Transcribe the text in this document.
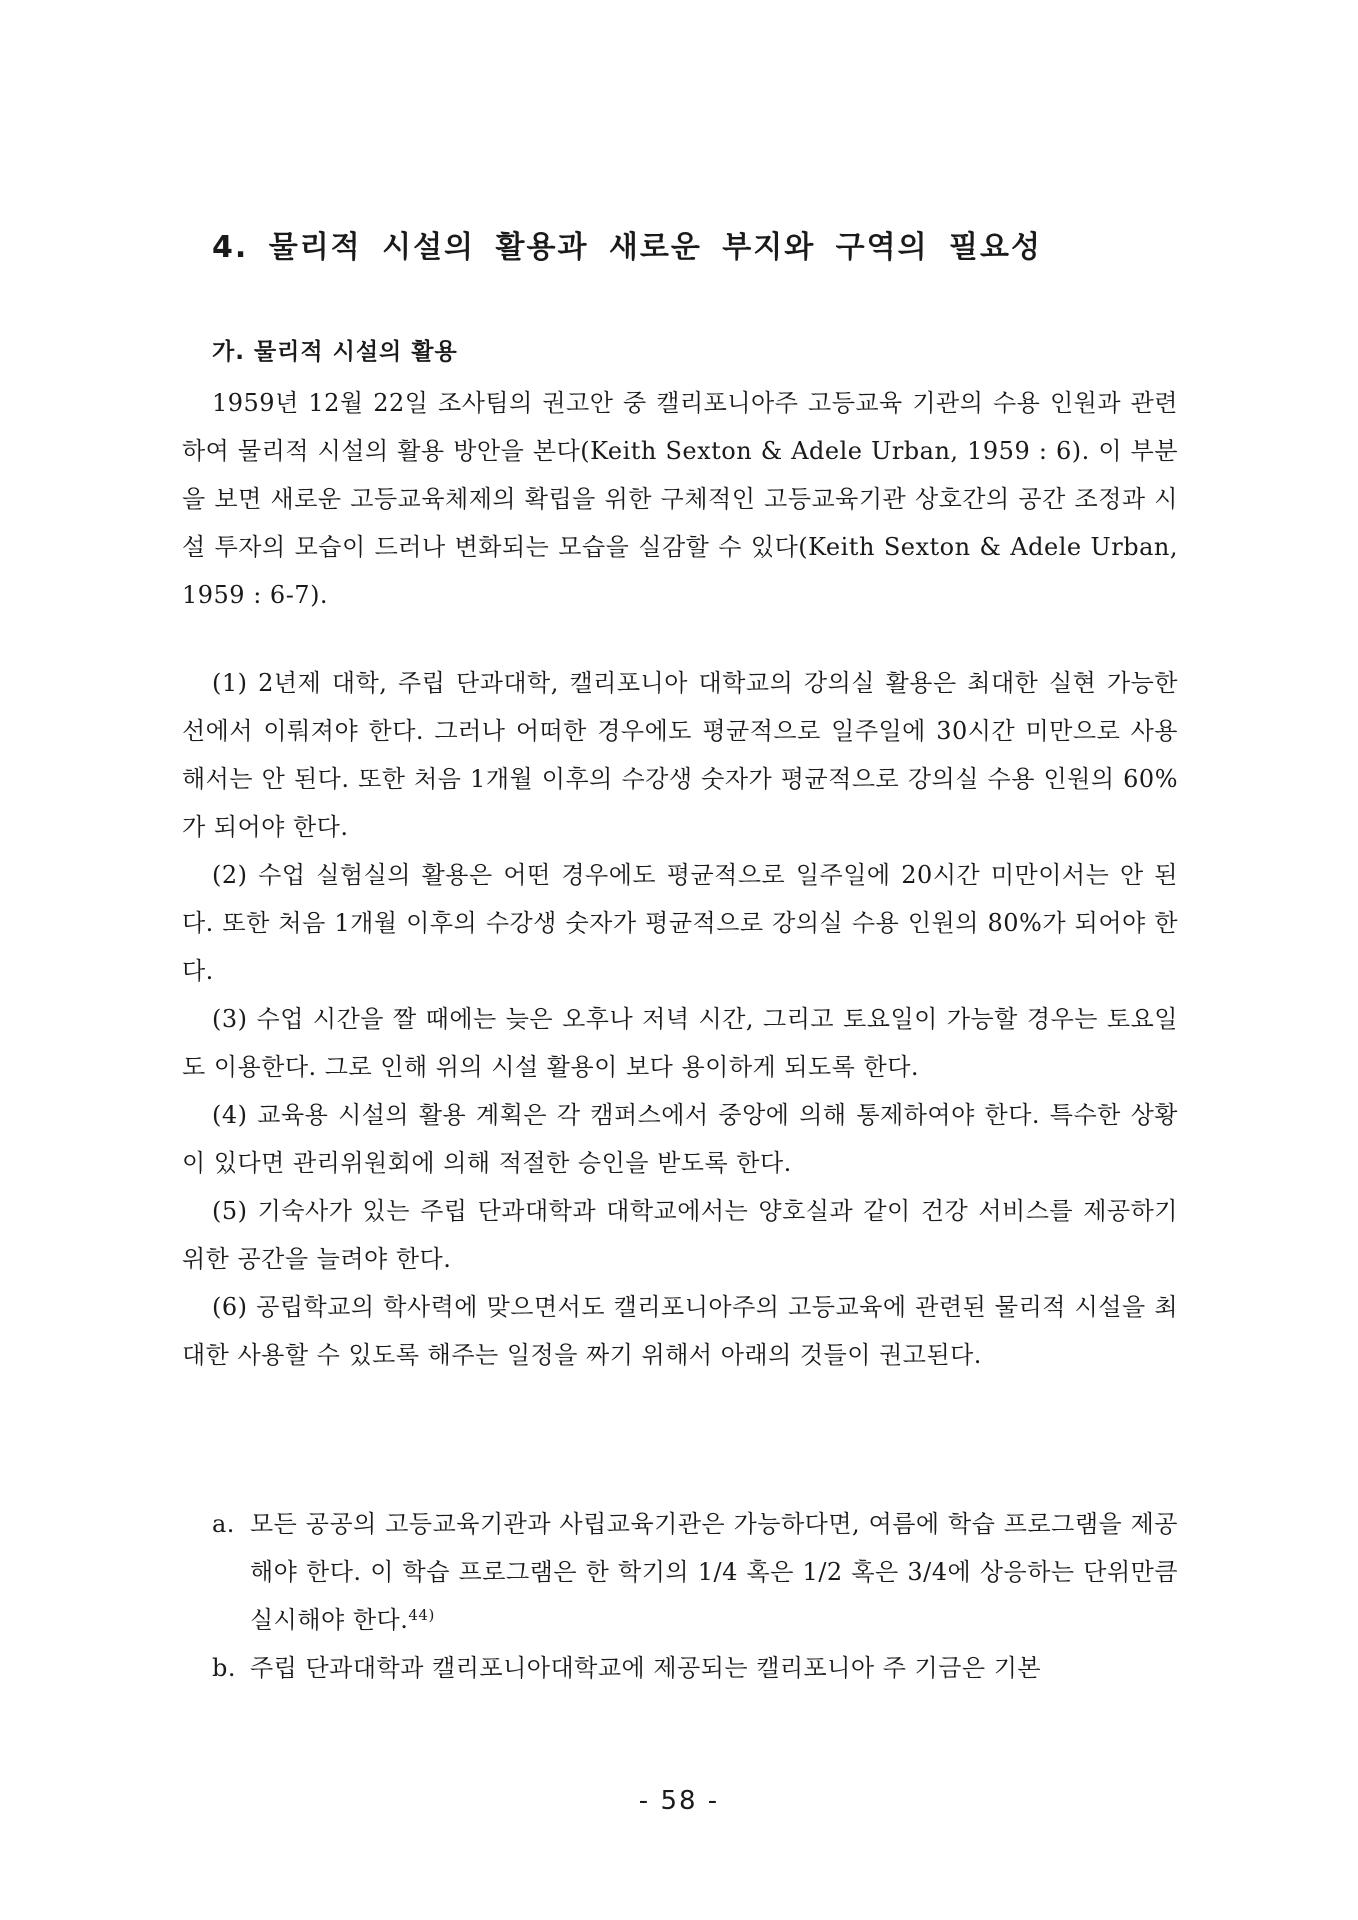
4. 물리적 시설의 활용과 새로운 부지와 구역의 필요성
가. 물리적 시설의 활용

1959년 12월 22일 조사팀의 권고안 중 캘리포니아주 고등교육 기관의 수용 인원과 관련하여 물리적 시설의 활용 방안을 본다(Keith Sexton & Adele Urban, 1959 : 6). 이 부분을 보면 새로운 고등교육체제의 확립을 위한 구체적인 고등교육기관 상호간의 공간 조정과 시설 투자의 모습이 드러나 변화되는 모습을 실감할 수 있다(Keith Sexton & Adele Urban, 1959 : 6-7).

(1) 2년제 대학, 주립 단과대학, 캘리포니아 대학교의 강의실 활용은 최대한 실현 가능한 선에서 이뤄져야 한다. 그러나 어떠한 경우에도 평균적으로 일주일에 30시간 미만으로 사용해서는 안 된다. 또한 처음 1개월 이후의 수강생 숫자가 평균적으로 강의실 수용 인원의 60%가 되어야 한다.

(2) 수업 실험실의 활용은 어떤 경우에도 평균적으로 일주일에 20시간 미만이서는 안 된다. 또한 처음 1개월 이후의 수강생 숫자가 평균적으로 강의실 수용 인원의 80%가 되어야 한다.

(3) 수업 시간을 짤 때에는 늦은 오후나 저녁 시간, 그리고 토요일이 가능할 경우는 토요일도 이용한다. 그로 인해 위의 시설 활용이 보다 용이하게 되도록 한다.

(4) 교육용 시설의 활용 계획은 각 캠퍼스에서 중앙에 의해 통제하여야 한다. 특수한 상황이 있다면 관리위원회에 의해 적절한 승인을 받도록 한다.

(5) 기숙사가 있는 주립 단과대학과 대학교에서는 양호실과 같이 건강 서비스를 제공하기 위한 공간을 늘려야 한다.

(6) 공립학교의 학사력에 맞으면서도 캘리포니아주의 고등교육에 관련된 물리적 시설을 최대한 사용할 수 있도록 해주는 일정을 짜기 위해서 아래의 것들이 권고된다.

a. 모든 공공의 고등교육기관과 사립교육기관은 가능하다면, 여름에 학습 프로그램을 제공해야 한다. 이 학습 프로그램은 한 학기의 1/4 혹은 1/2 혹은 3/4에 상응하는 단위만큼 실시해야 한다.$^{44)}$

b. 주립 단과대학과 캘리포니아대학교에 제공되는 캘리포니아 주 기금은 기본

- 58 -
